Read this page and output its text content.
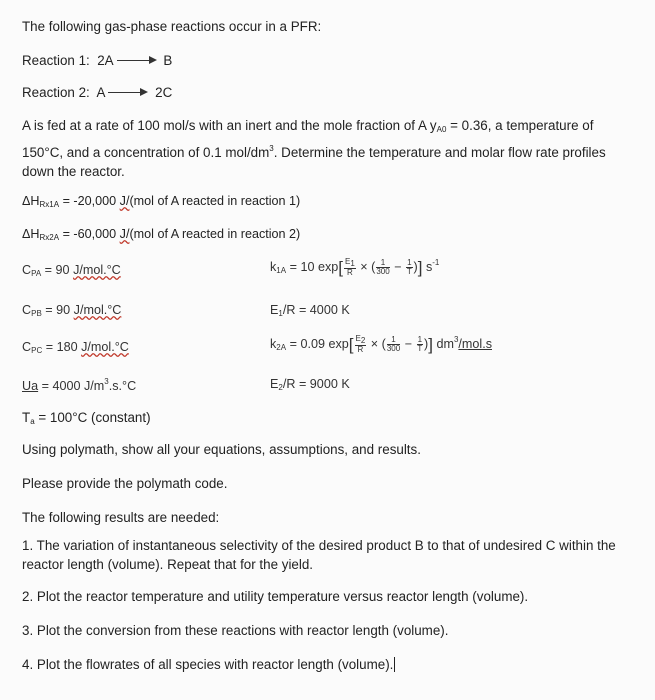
The following gas-phase reactions occur in a PFR:
Reaction 1: 2A	B
Reaction 2: A	2C
A is fed at a rate of 100 mol/s with an inert and the mole fraction of A $y_{A0} = 0.36$, a temperature of 150°C, and a concentration of 0.1 mol/$dm^3$. Determine the temperature and molar flow rate profiles down the reactor.
$\Delta H_{Rx1A} = -20,000$ J/(mol of A reacted in reaction 1)
$\Delta H_{Rx2A} = -60,000$ J/(mol of A reacted in reaction 2)
$C_{PA} = 90$ J/mol.°C
$C_{PB} = 90$ J/mol.°C
$C_{PC} = 180$ J/mol.°C
Ua = 4000 $J/m^3.s.^\circ C$
$T_a = 100^\circ C$ (constant)
$k_{1A} = 10$ $\exp[ \frac{E1}{R}$ × ( $\frac{1}{300} - \frac{1}{T}$ )] $s^{-1}$
$E_1/R = 4000$ K
$k_{2A} = 0.09$ $\exp[ \frac{E2}{R}$ × ( $\frac{1}{300} - \frac{1}{T}$ )] $dm^3/mol.s$
$E_2/R = 9000$ K
Using polymath, show all your equations, assumptions, and results.
Please provide the polymath code.
The following results are needed:
1. The variation of instantaneous selectivity of the desired product B to that of undesired C within the reactor length (volume). Repeat that for the yield.
2. Plot the reactor temperature and utility temperature versus reactor length (volume).
3. Plot the conversion from these reactions with reactor length (volume).
4. Plot the flowrates of all species with reactor length (volume).
